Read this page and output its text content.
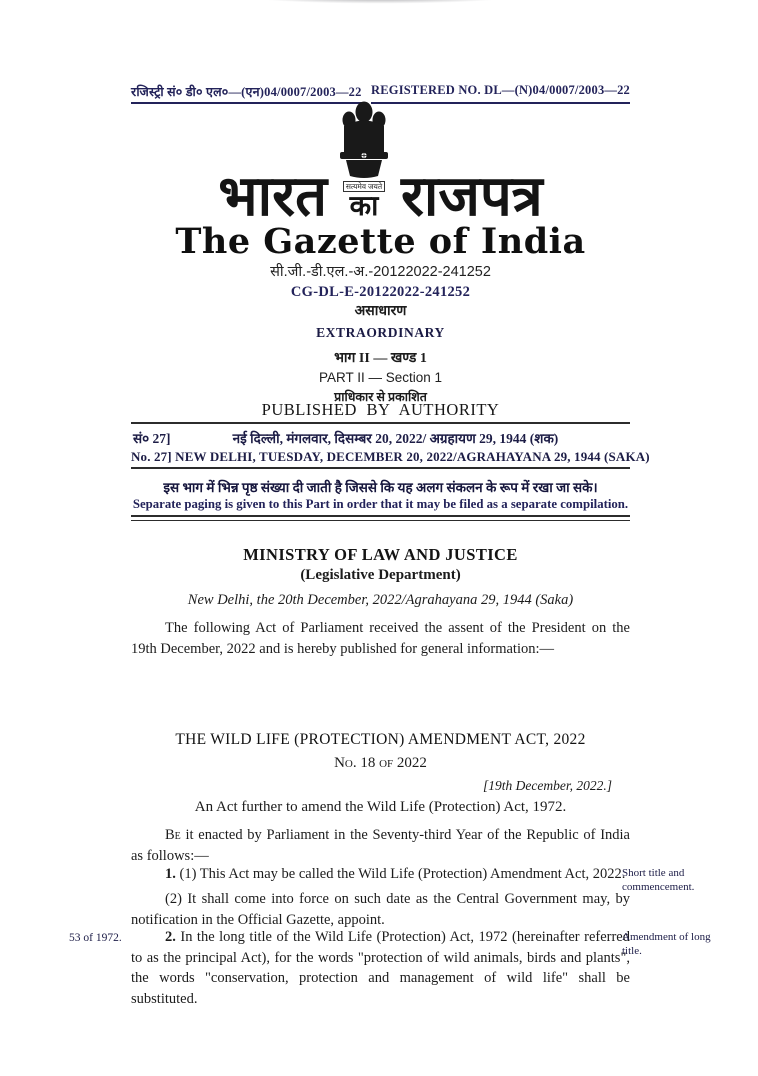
रजिस्ट्री सं० डी० एल०—(एन)04/0007/2003—22 REGISTERED NO. DL—(N)04/0007/2003—22
भारत	सत्यमेव जयते
का राजपत्र
The Gazette of India
सी.जी.-डी.एल.-अ.-20122022-241252
CG-DL-E-20122022-241252
असाधारण
EXTRAORDINARY
भाग II — खण्ड 1
PART II — Section 1
प्राधिकार से प्रकाशित
PUBLISHED BY AUTHORITY
सं० 27]	नई दिल्ली, मंगलवार, दिसम्बर 20, 2022/ अग्रहायण 29, 1944 (शक)
No. 27] NEW DELHI, TUESDAY, DECEMBER 20, 2022/AGRAHAYANA 29, 1944 (SAKA)
इस भाग में भिन्न पृष्ठ संख्या दी जाती है जिससे कि यह अलग संकलन के रूप में रखा जा सके।
Separate paging is given to this Part in order that it may be filed as a separate compilation.
MINISTRY OF LAW AND JUSTICE
(Legislative Department)
New Delhi, the 20th December, 2022/Agrahayana 29, 1944 (Saka)
The following Act of Parliament received the assent of the President on the 19th December, 2022 and is hereby published for general information:—
THE WILD LIFE (PROTECTION) AMENDMENT ACT, 2022
No. 18 of 2022
[19th December, 2022.]
An Act further to amend the Wild Life (Protection) Act, 1972.
Be it enacted by Parliament in the Seventy-third Year of the Republic of India as follows:—
1. (1) This Act may be called the Wild Life (Protection) Amendment Act, 2022.
(2) It shall come into force on such date as the Central Government may, by notification in the Official Gazette, appoint.
2. In the long title of the Wild Life (Protection) Act, 1972 (hereinafter referred to as the principal Act), for the words "protection of wild animals, birds and plants", the words "conservation, protection and management of wild life" shall be substituted.
Short title and commencement.
Amendment of long title.
53 of 1972.
